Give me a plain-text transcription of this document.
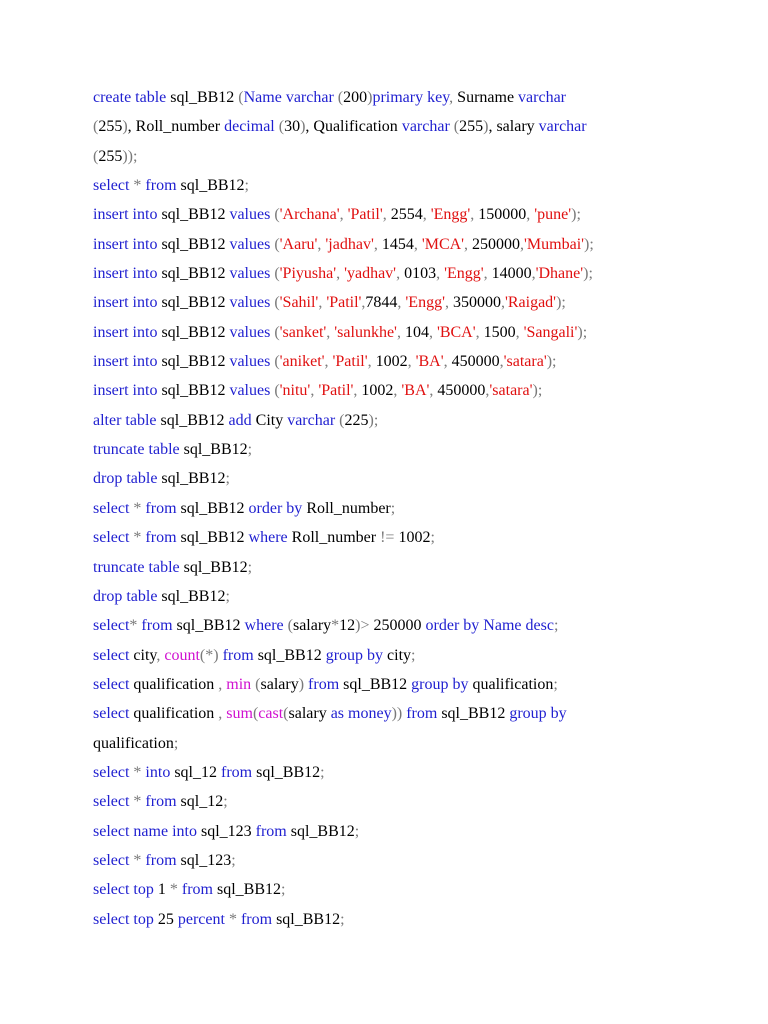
create table sql_BB12 (Name varchar (200)primary key, Surname varchar
(255), Roll_number decimal (30), Qualification varchar (255), salary varchar
(255));
select * from sql_BB12;
insert into sql_BB12 values ('Archana', 'Patil', 2554, 'Engg', 150000, 'pune');
insert into sql_BB12 values ('Aaru', 'jadhav', 1454, 'MCA', 250000,'Mumbai');
insert into sql_BB12 values ('Piyusha', 'yadhav', 0103, 'Engg', 14000,'Dhane');
insert into sql_BB12 values ('Sahil', 'Patil',7844, 'Engg', 350000,'Raigad');
insert into sql_BB12 values ('sanket', 'salunkhe', 104, 'BCA', 1500, 'Sangali');
insert into sql_BB12 values ('aniket', 'Patil', 1002, 'BA', 450000,'satara');
insert into sql_BB12 values ('nitu', 'Patil', 1002, 'BA', 450000,'satara');
alter table sql_BB12 add City varchar (225);
truncate table sql_BB12;
drop table sql_BB12;
select * from sql_BB12 order by Roll_number;
select * from sql_BB12 where Roll_number != 1002;
truncate table sql_BB12;
drop table sql_BB12;
select* from sql_BB12 where (salary*12)> 250000 order by Name desc;
select city, count(*) from sql_BB12 group by city;
select qualification , min (salary) from sql_BB12 group by qualification;
select qualification , sum(cast(salary as money)) from sql_BB12 group by
qualification;
select * into sql_12 from sql_BB12;
select * from sql_12;
select name into sql_123 from sql_BB12;
select * from sql_123;
select top 1 * from sql_BB12;
select top 25 percent * from sql_BB12;
